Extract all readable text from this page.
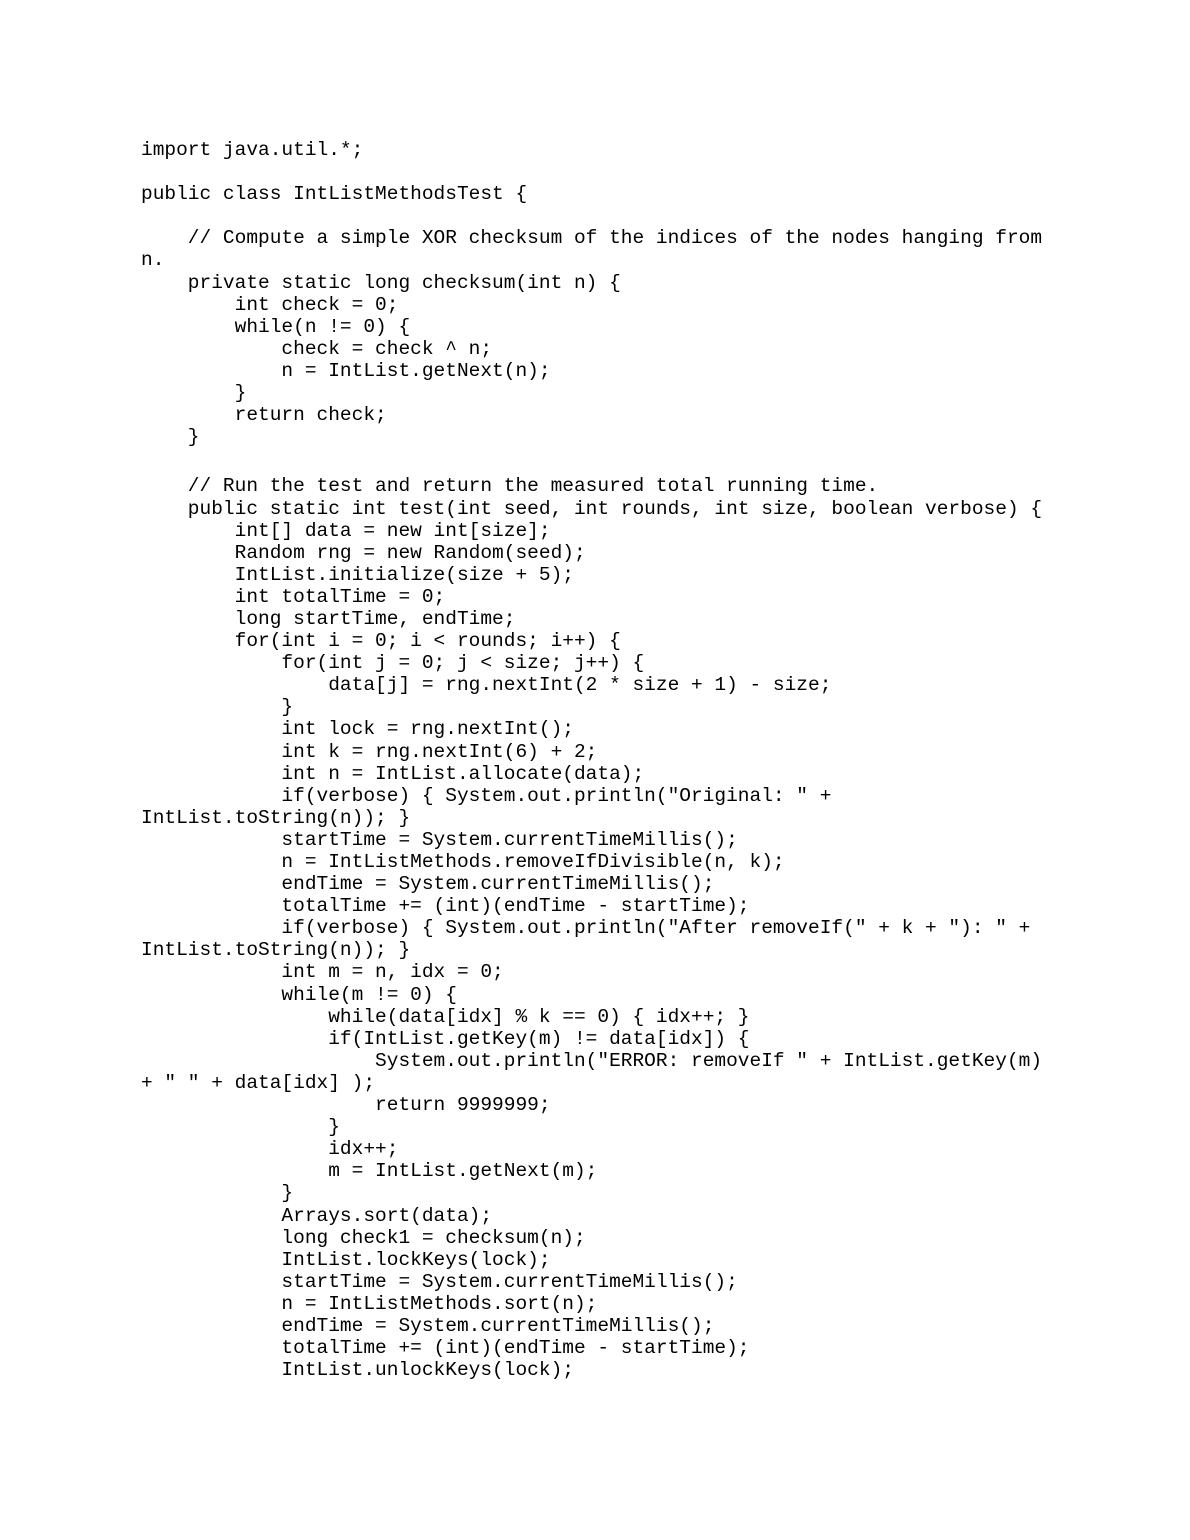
import java.util.*;
public class IntListMethodsTest {
// Compute a simple XOR checksum of the indices of the nodes hanging from
n.
private static long checksum(int n) {
int check = 0;
while(n != 0) {
check = check ^ n;
n = IntList.getNext(n);
}
return check;
}
// Run the test and return the measured total running time.
public static int test(int seed, int rounds, int size, boolean verbose) {
int[] data = new int[size];
Random rng = new Random(seed);
IntList.initialize(size + 5);
int totalTime = 0;
long startTime, endTime;
for(int i = 0; i < rounds; i++) {
for(int j = 0; j < size; j++) {
data[j] = rng.nextInt(2 * size + 1) - size;
}
int lock = rng.nextInt();
int k = rng.nextInt(6) + 2;
int n = IntList.allocate(data);
if(verbose) { System.out.println("Original: " +
IntList.toString(n)); }
startTime = System.currentTimeMillis();
n = IntListMethods.removeIfDivisible(n, k);
endTime = System.currentTimeMillis();
totalTime += (int)(endTime - startTime);
if(verbose) { System.out.println("After removeIf(" + k + "): " +
IntList.toString(n)); }
int m = n, idx = 0;
while(m != 0) {
while(data[idx] % k == 0) { idx++; }
if(IntList.getKey(m) != data[idx]) {
System.out.println("ERROR: removeIf " + IntList.getKey(m)
+ " " + data[idx] );
return 9999999;
}
idx++;
m = IntList.getNext(m);
}
Arrays.sort(data);
long check1 = checksum(n);
IntList.lockKeys(lock);
startTime = System.currentTimeMillis();
n = IntListMethods.sort(n);
endTime = System.currentTimeMillis();
totalTime += (int)(endTime - startTime);
IntList.unlockKeys(lock);
